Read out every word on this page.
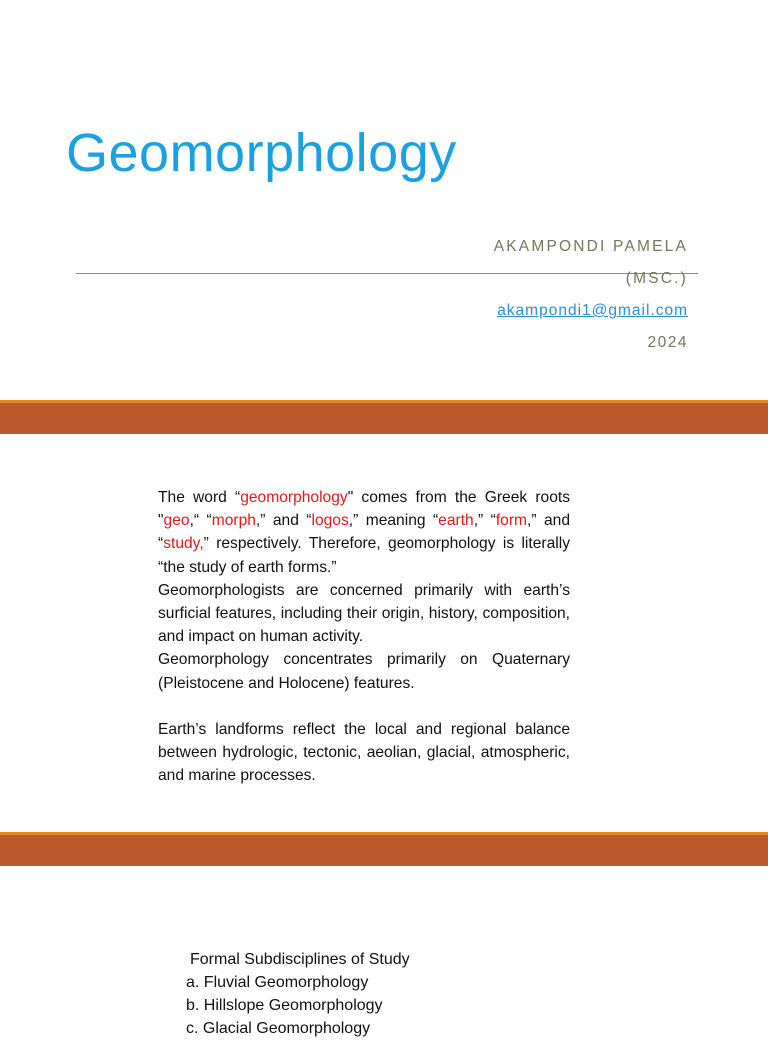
Geomorphology
AKAMPONDI PAMELA
(MSC.)
akampondi1@gmail.com
2024

The word “geomorphology" comes from the Greek roots "geo,“ “morph,” and “logos,” meaning “earth,” “form,” and “study,” respectively. Therefore, geomorphology is literally “the study of earth forms.”

Geomorphologists are concerned primarily with earth’s surficial features, including their origin, history, composition, and impact on human activity.

Geomorphology concentrates primarily on Quaternary (Pleistocene and Holocene) features.

Earth’s landforms reflect the local and regional balance between hydrologic, tectonic, aeolian, glacial, atmospheric, and marine processes.

Formal Subdisciplines of Study
a. Fluvial Geomorphology
b. Hillslope Geomorphology
c. Glacial Geomorphology
